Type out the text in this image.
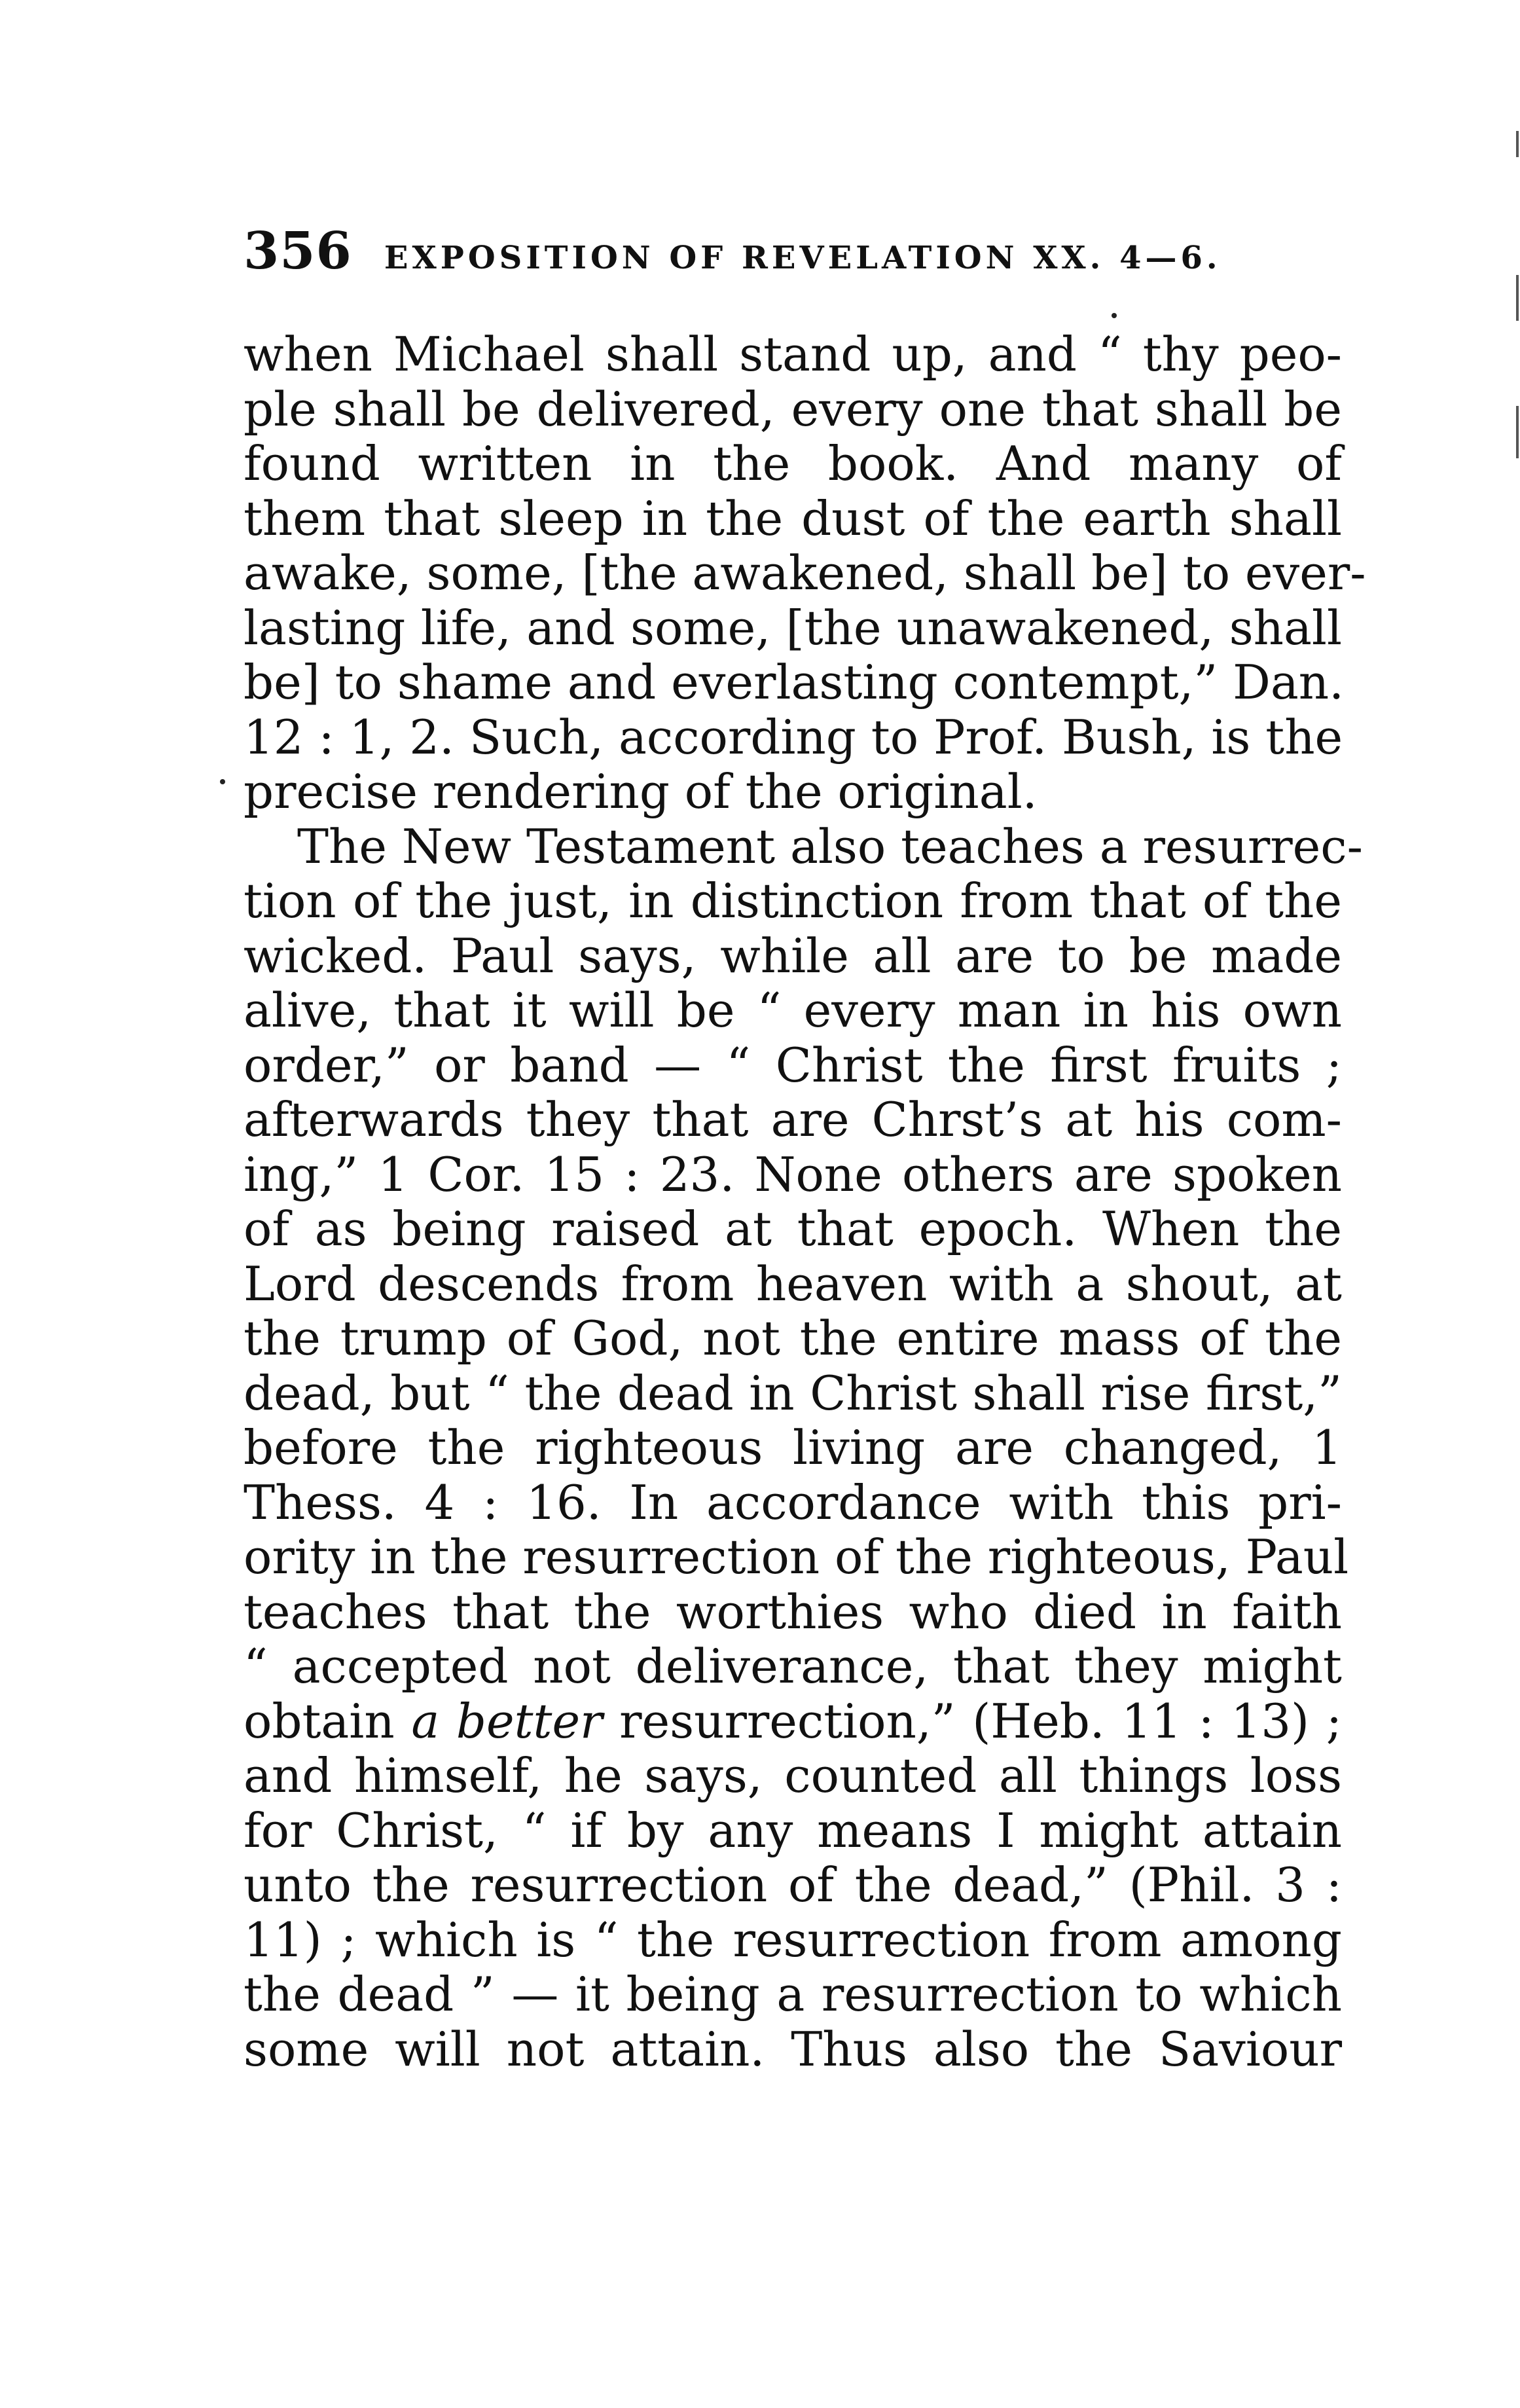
356 EXPOSITION OF REVELATION XX. 4—6.
when Michael shall stand up, and “ thy peo-
ple shall be delivered, every one that shall be
found written in the book. And many of
them that sleep in the dust of the earth shall
awake, some, [the awakened, shall be] to ever-
lasting life, and some, [the unawakened, shall
be] to shame and everlasting contempt,” Dan.
12 : 1, 2. Such, according to Prof. Bush, is the
precise rendering of the original.
The New Testament also teaches a resurrec-
tion of the just, in distinction from that of the
wicked. Paul says, while all are to be made
alive, that it will be “ every man in his own
order,” or band — “ Christ the first fruits ;
afterwards they that are Chrst’s at his com-
ing,” 1 Cor. 15 : 23. None others are spoken
of as being raised at that epoch. When the
Lord descends from heaven with a shout, at
the trump of God, not the entire mass of the
dead, but “ the dead in Christ shall rise first,”
before the righteous living are changed, 1
Thess. 4 : 16. In accordance with this pri-
ority in the resurrection of the righteous, Paul
teaches that the worthies who died in faith
“ accepted not deliverance, that they might
obtain a better resurrection,” (Heb. 11 : 13) ;
and himself, he says, counted all things loss
for Christ, “ if by any means I might attain
unto the resurrection of the dead,” (Phil. 3 :
11) ; which is “ the resurrection from among
the dead ” — it being a resurrection to which
some will not attain. Thus also the Saviour
